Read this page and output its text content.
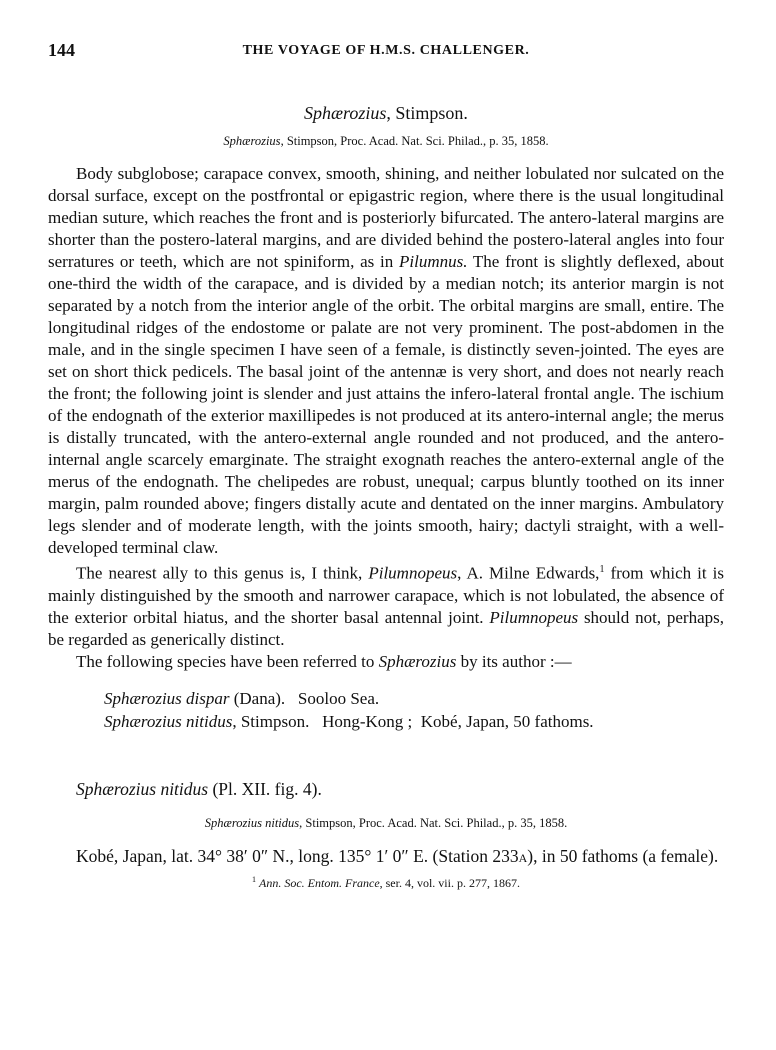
144	THE VOYAGE OF H.M.S. CHALLENGER.
Sphærozius, Stimpson.
Sphærozius, Stimpson, Proc. Acad. Nat. Sci. Philad., p. 35, 1858.

Body subglobose; carapace convex, smooth, shining, and neither lobulated nor sulcated on the dorsal surface, except on the postfrontal or epigastric region, where there is the usual longitudinal median suture, which reaches the front and is posteriorly bifurcated. The antero-lateral margins are shorter than the postero-lateral margins, and are divided behind the postero-lateral angles into four serratures or teeth, which are not spiniform, as in Pilumnus. The front is slightly deflexed, about one-third the width of the carapace, and is divided by a median notch; its anterior margin is not separated by a notch from the interior angle of the orbit. The orbital margins are small, entire. The longitudinal ridges of the endostome or palate are not very prominent. The post-abdomen in the male, and in the single specimen I have seen of a female, is distinctly seven-jointed. The eyes are set on short thick pedicels. The basal joint of the antennæ is very short, and does not nearly reach the front; the following joint is slender and just attains the infero-lateral frontal angle. The ischium of the endognath of the exterior maxillipedes is not produced at its antero-internal angle; the merus is distally truncated, with the antero-external angle rounded and not produced, and the antero-internal angle scarcely emarginate. The straight exognath reaches the antero-external angle of the merus of the endognath. The chelipedes are robust, unequal; carpus bluntly toothed on its inner margin, palm rounded above; fingers distally acute and dentated on the inner margins. Ambulatory legs slender and of moderate length, with the joints smooth, hairy; dactyli straight, with a well-developed terminal claw.

The nearest ally to this genus is, I think, Pilumnopeus, A. Milne Edwards,$^1$ from which it is mainly distinguished by the smooth and narrower carapace, which is not lobulated, the absence of the exterior orbital hiatus, and the shorter basal antennal joint. Pilumnopeus should not, perhaps, be regarded as generically distinct.

The following species have been referred to Sphærozius by its author :—

Sphærozius dispar (Dana).   Sooloo Sea.
Sphærozius nitidus, Stimpson.   Hong-Kong ;  Kobé, Japan, 50 fathoms.
Sphærozius nitidus (Pl. XII. fig. 4).
Sphærozius nitidus, Stimpson, Proc. Acad. Nat. Sci. Philad., p. 35, 1858.
Kobé, Japan, lat. 34° 38′ 0″ N., long. 135° 1′ 0″ E. (Station 233a), in 50 fathoms (a female).
$^1$ Ann. Soc. Entom. France, ser. 4, vol. vii. p. 277, 1867.
